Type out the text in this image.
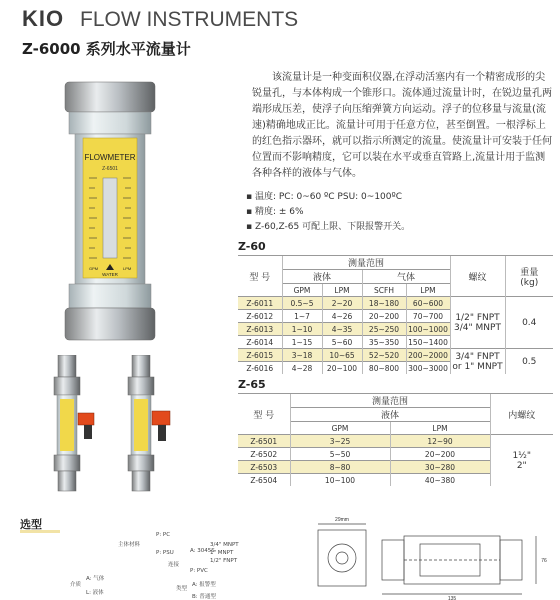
KIO FLOW INSTRUMENTS
Z-6000 系列水平流量计
FLOWMETER
Z-6501
GPM	LPM
WATER
该流量计是一种变面积仪器,在浮动活塞内有一个精密成形的尖锐量孔，与本体构成一个锥形口。流体通过流量计时，在锐边量孔两端形成压差，使浮子向压缩弹簧方向运动。浮子的位移量与流量(流速)精确地成正比。流量计可用于任意方位，甚至倒置。一根浮标上的红色指示器环，就可以指示所测定的流量。使流量计可安装于任何位置而不影响精度，它可以装在水平或垂直管路上,流量计用于监测各种各样的液体与气体。
▪ 温度: PC: 0~60 ºC PSU: 0~100ºC
▪ 精度: ± 6%
▪ Z-60,Z-65 可配上限、下限报警开关。
Z-60
型 号	测量范围				螺纹	重量
(kg)
	液体		气体			
	GPM	LPM	SCFH	LPM		
Z-6011	0.5~5	2~20	18~180	60~600	1/2" FNPT
3/4" MNPT	0.4
Z-6012	1~7	4~26	20~200	70~700		
Z-6013	1~10	4~35	25~250	100~1000		
Z-6014	1~15	5~60	35~350	150~1400		
Z-6015	3~18	10~65	52~520	200~2000	3/4" FNPT
or 1" MNPT	0.5
Z-6016	4~28	20~100	80~800	300~3000		
Z-65
型 号	测量范围		内螺纹
	液体		
	GPM	LPM	
Z-6501	3~25	12~90	1½"
2"
Z-6502	5~50	20~200	
Z-6503	8~80	30~280	
Z-6504	10~100	40~380	
选型
主体材料
P: PC
P: PSU
连接
A: 3045S
3/4" MNPT
1" MNPT
1/2" FNPT
P: PVC
介质
A: 气体
L: 液体
类型
A: 报警型
B: 普通型
29mm
135
76
